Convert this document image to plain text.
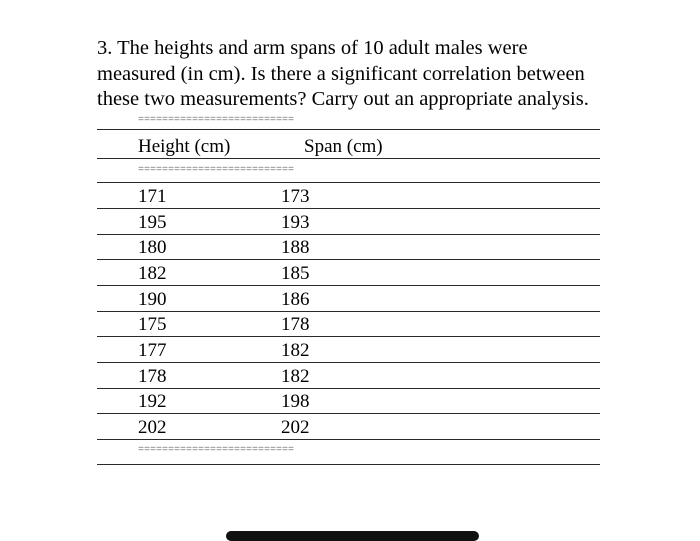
3. The heights and arm spans of 10 adult males were
measured (in cm). Is there a significant correlation between
these two measurements? Carry out an appropriate analysis.
==========================
Height (cm)	Span (cm)
==========================
171	173
195	193
180	188
182	185
190	186
175	178
177	182
178	182
192	198
202	202
==========================
